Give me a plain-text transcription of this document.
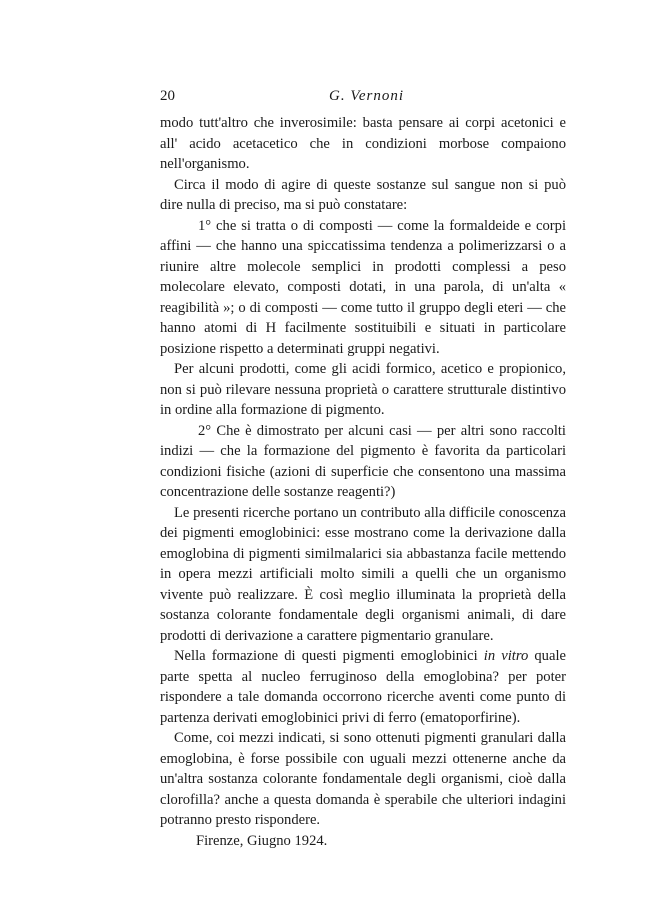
20	G. Vernoni

modo tutt'altro che inverosimile: basta pensare ai corpi acetonici e all' acido acetacetico che in condizioni morbose compaiono nell'organismo.

Circa il modo di agire di queste sostanze sul sangue non si può dire nulla di preciso, ma si può constatare:

1° che si tratta o di composti — come la formaldeide e corpi affini — che hanno una spiccatissima tendenza a polimerizzarsi o a riunire altre molecole semplici in prodotti complessi a peso molecolare elevato, composti dotati, in una parola, di un'alta « reagibilità »; o di composti — come tutto il gruppo degli eteri — che hanno atomi di H facilmente sostituibili e situati in particolare posizione rispetto a determinati gruppi negativi.

Per alcuni prodotti, come gli acidi formico, acetico e propionico, non si può rilevare nessuna proprietà o carattere strutturale distintivo in ordine alla formazione di pigmento.

2° Che è dimostrato per alcuni casi — per altri sono raccolti indizi — che la formazione del pigmento è favorita da particolari condizioni fisiche (azioni di superficie che consentono una massima concentrazione delle sostanze reagenti?)

Le presenti ricerche portano un contributo alla difficile conoscenza dei pigmenti emoglobinici: esse mostrano come la derivazione dalla emoglobina di pigmenti similmalarici sia abbastanza facile mettendo in opera mezzi artificiali molto simili a quelli che un organismo vivente può realizzare. È così meglio illuminata la proprietà della sostanza colorante fondamentale degli organismi animali, di dare prodotti di derivazione a carattere pigmentario granulare.

Nella formazione di questi pigmenti emoglobinici in vitro quale parte spetta al nucleo ferruginoso della emoglobina? per poter rispondere a tale domanda occorrono ricerche aventi come punto di partenza derivati emoglobinici privi di ferro (ematoporfirine).

Come, coi mezzi indicati, si sono ottenuti pigmenti granulari dalla emoglobina, è forse possibile con uguali mezzi ottenerne anche da un'altra sostanza colorante fondamentale degli organismi, cioè dalla clorofilla? anche a questa domanda è sperabile che ulteriori indagini potranno presto rispondere.

Firenze, Giugno 1924.
